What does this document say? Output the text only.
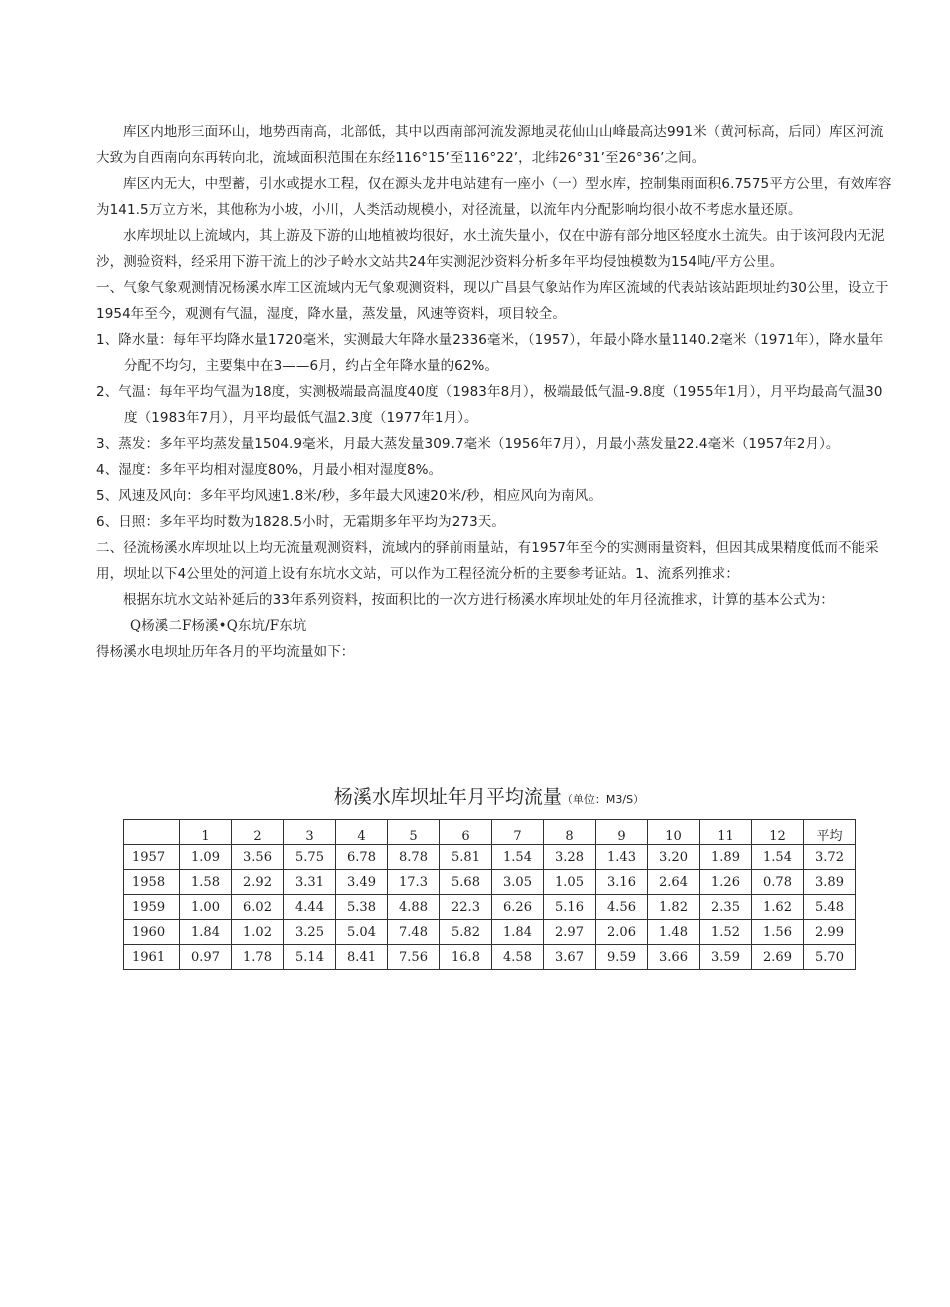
库区内地形三面环山，地势西南高，北部低，其中以西南部河流发源地灵花仙山山峰最高达991米（黄河标高，后同）库区河流大致为自西南向东再转向北，流域面积范围在东经116°15’至116°22’，北纬26°31’至26°36’之间。

库区内无大，中型蓄，引水或提水工程，仅在源头龙井电站建有一座小（一）型水库，控制集雨面积6.7575平方公里，有效库容为141.5万立方米，其他称为小坡，小川，人类活动规模小，对径流量，以流年内分配影响均很小故不考虑水量还原。

水库坝址以上流域内，其上游及下游的山地植被均很好，水土流失量小，仅在中游有部分地区轻度水土流失。由于该河段内无泥沙，测验资料，经采用下游干流上的沙子岭水文站共24年实测泥沙资料分析多年平均侵蚀模数为154吨/平方公里。

一、气象气象观测情况杨溪水库工区流域内无气象观测资料，现以广昌县气象站作为库区流域的代表站该站距坝址约30公里，设立于1954年至今，观测有气温，湿度，降水量，蒸发量，风速等资料，项目较全。

1、降水量：每年平均降水量1720毫米，实测最大年降水量2336毫米，（1957），年最小降水量1140.2毫米（1971年），降水量年分配不均匀，主要集中在3——6月，约占全年降水量的62%。

2、气温：每年平均气温为18度，实测极端最高温度40度（1983年8月），极端最低气温-9.8度（1955年1月），月平均最高气温30度（1983年7月），月平均最低气温2.3度（1977年1月）。

3、蒸发：多年平均蒸发量1504.9毫米，月最大蒸发量309.7毫米（1956年7月），月最小蒸发量22.4毫米（1957年2月）。

4、湿度：多年平均相对湿度80%，月最小相对湿度8%。

5、风速及风向：多年平均风速1.8米/秒，多年最大风速20米/秒，相应风向为南风。

6、日照：多年平均时数为1828.5小时，无霜期多年平均为273天。

二、径流杨溪水库坝址以上均无流量观测资料，流域内的驿前雨量站，有1957年至今的实测雨量资料，但因其成果精度低而不能采用，坝址以下4公里处的河道上设有东坑水文站，可以作为工程径流分析的主要参考证站。1、流系列推求：

根据东坑水文站补延后的33年系列资料，按面积比的一次方进行杨溪水库坝址处的年月径流推求，计算的基本公式为：

Q杨溪二F杨溪•Q东坑/F东坑

得杨溪水电坝址历年各月的平均流量如下：

杨溪水库坝址年月平均流量（单位：M3/S）

	1	2	3	4	5	6	7	8	9	10	11	12	平均
1957	1.09	3.56	5.75	6.78	8.78	5.81	1.54	3.28	1.43	3.20	1.89	1.54	3.72
1958	1.58	2.92	3.31	3.49	17.3	5.68	3.05	1.05	3.16	2.64	1.26	0.78	3.89
1959	1.00	6.02	4.44	5.38	4.88	22.3	6.26	5.16	4.56	1.82	2.35	1.62	5.48
1960	1.84	1.02	3.25	5.04	7.48	5.82	1.84	2.97	2.06	1.48	1.52	1.56	2.99
1961	0.97	1.78	5.14	8.41	7.56	16.8	4.58	3.67	9.59	3.66	3.59	2.69	5.70
